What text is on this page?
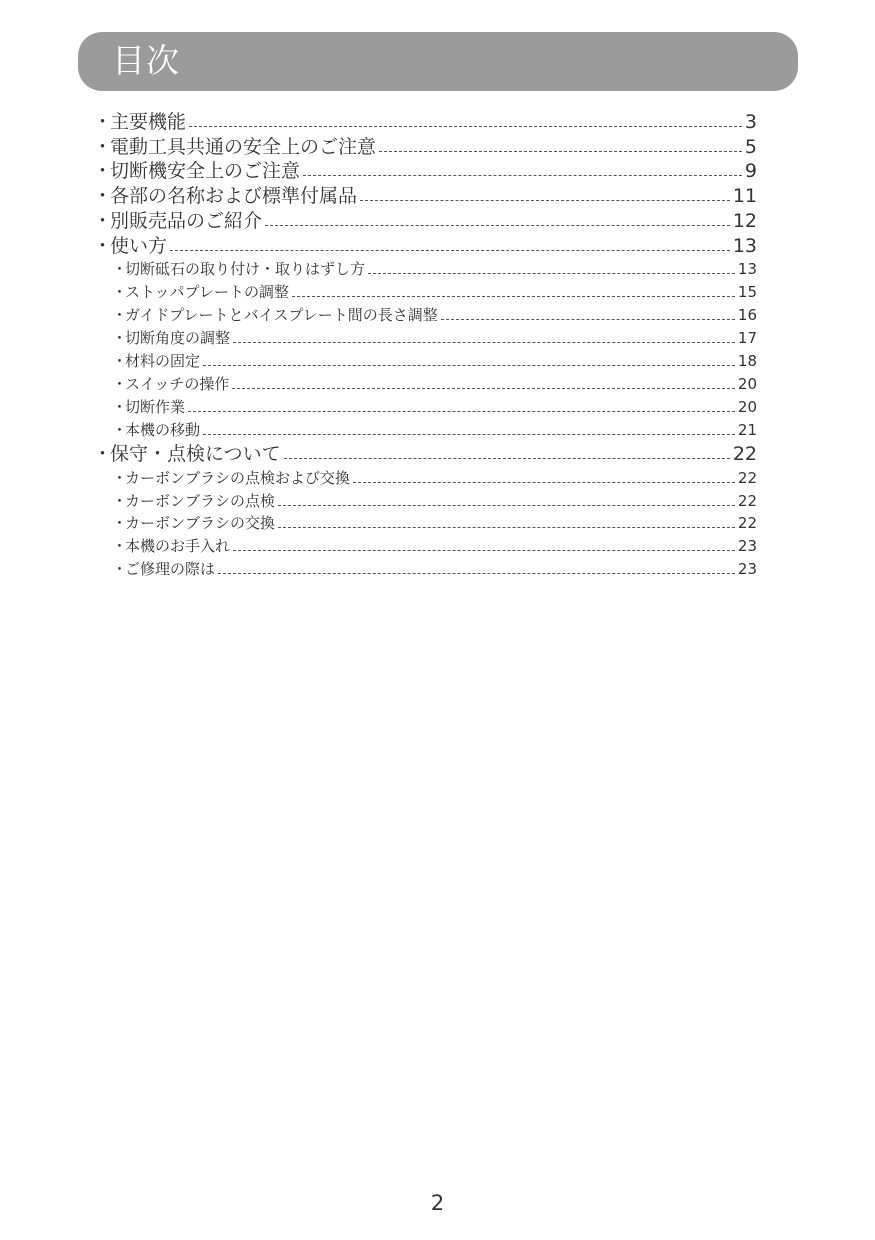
目次
・
主要機能	3
・
電動工具共通の安全上のご注意	5
・
切断機安全上のご注意	9
・
各部の名称および標準付属品	11
・
別販売品のご紹介	12
・
使い方	13
・
切断砥石の取り付け・取りはずし方	13
・
ストッパプレートの調整	15
・
ガイドプレートとバイスプレート間の長さ調整	16
・
切断角度の調整	17
・
材料の固定	18
・
スイッチの操作	20
・
切断作業	20
・
本機の移動	21
・
保守・点検について	22
・
カーボンブラシの点検および交換	22
・
カーボンブラシの点検	22
・
カーボンブラシの交換	22
・
本機のお手入れ	23
・
ご修理の際は	23
2
